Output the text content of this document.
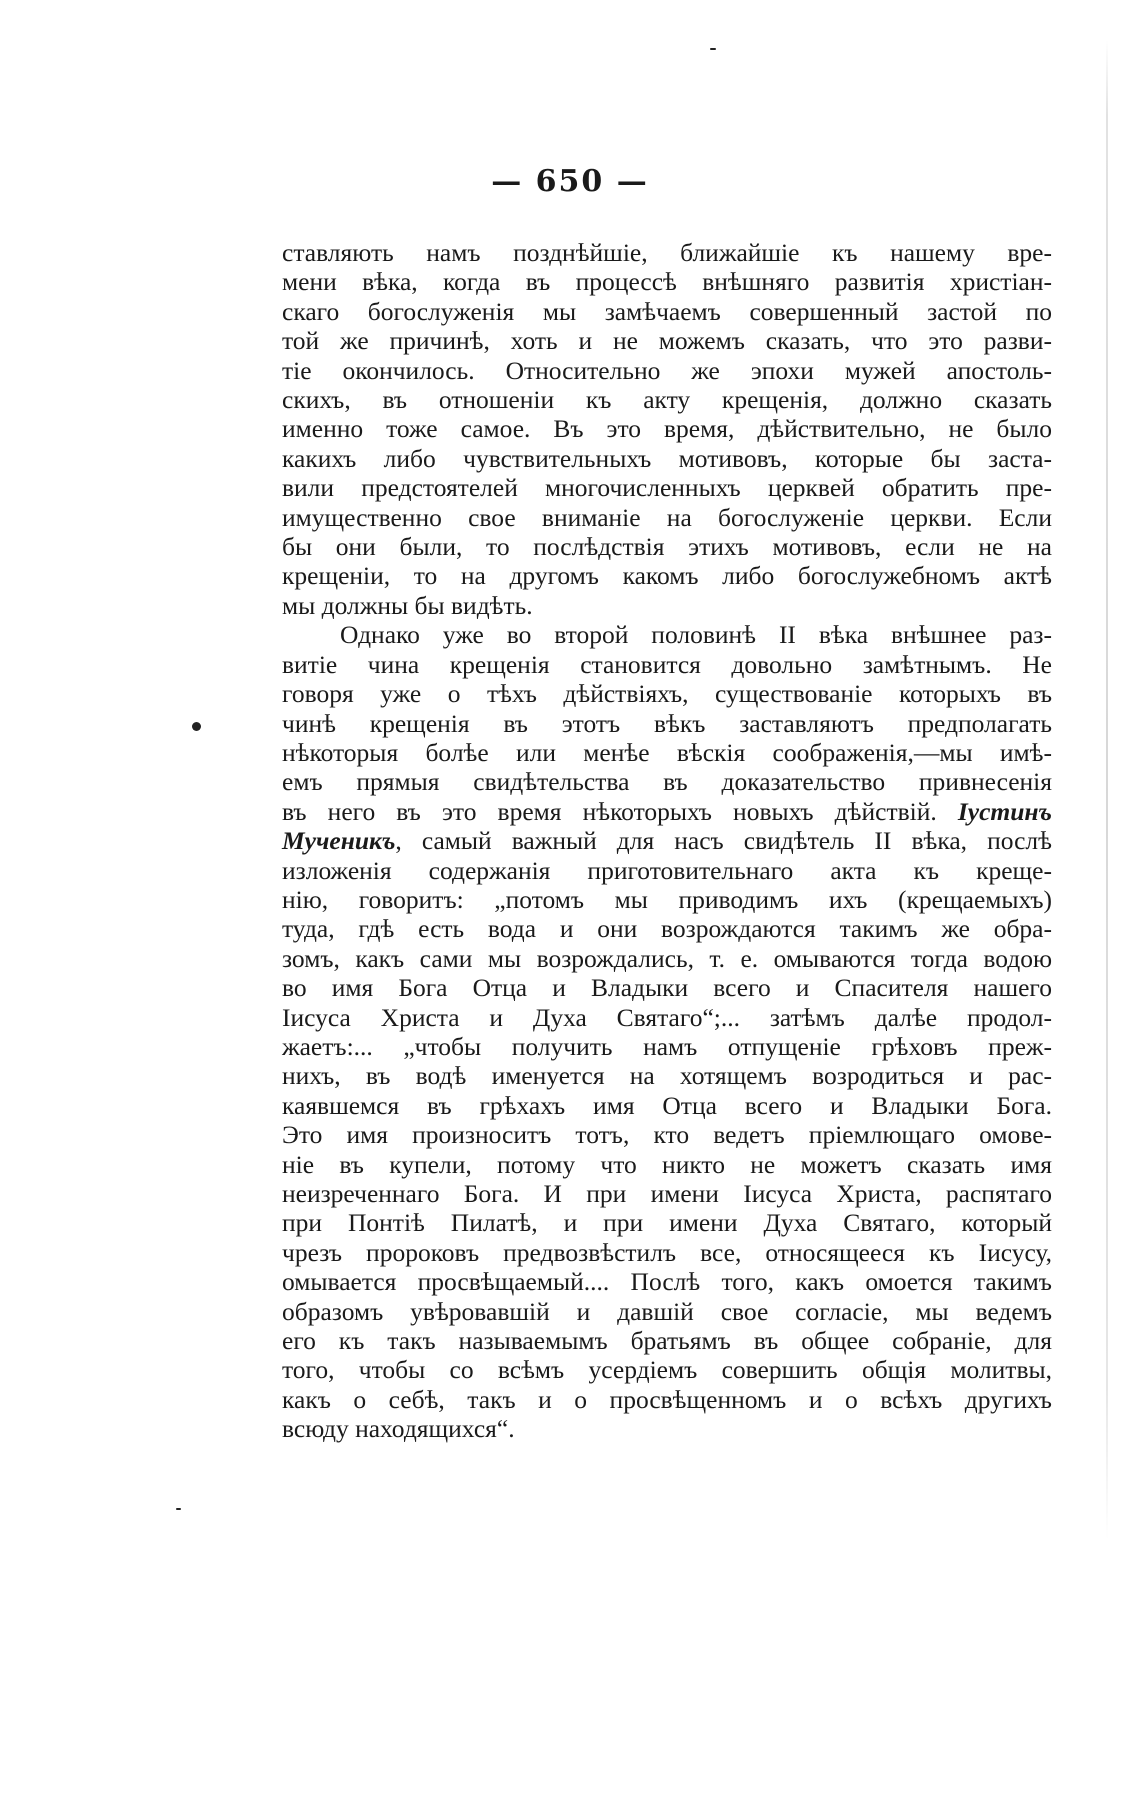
— 650 —
ставляють намъ позднѣйшіе, ближайшіе къ нашему вре-
мени вѣка, когда въ процессѣ внѣшняго развитія христіан-
скаго богослуженія мы замѣчаемъ совершенный застой по
той же причинѣ, хоть и не можемъ сказать, что это разви-
тіе окончилось. Относительно же эпохи мужей апостоль-
скихъ, въ отношеніи къ акту крещенія, должно сказать
именно тоже самое. Въ это время, дѣйствительно, не было
какихъ либо чувствительныхъ мотивовъ, которые бы заста-
вили предстоятелей многочисленныхъ церквей обратить пре-
имущественно свое вниманіе на богослуженіе церкви. Если
бы они были, то послѣдствія этихъ мотивовъ, если не на
крещеніи, то на другомъ какомъ либо богослужебномъ актѣ
мы должны бы видѣть.
Однако уже во второй половинѣ II вѣка внѣшнее раз-
витіе чина крещенія становится довольно замѣтнымъ. Не
говоря уже о тѣхъ дѣйствіяхъ, существованіе которыхъ въ
чинѣ крещенія въ этотъ вѣкъ заставляютъ предполагать
нѣкоторыя болѣе или менѣе вѣскія соображенія,—мы имѣ-
емъ прямыя свидѣтельства въ доказательство привнесенія
въ него въ это время нѣкоторыхъ новыхъ дѣйствій. Іустинъ
Мученикъ, самый важный для насъ свидѣтель II вѣка, послѣ
изложенія содержанія приготовительнаго акта къ креще-
нію, говоритъ: „потомъ мы приводимъ ихъ (крещаемыхъ)
туда, гдѣ есть вода и они возрождаются такимъ же обра-
зомъ, какъ сами мы возрождались, т. е. омываются тогда водою
во имя Бога Отца и Владыки всего и Спасителя нашего
Іисуса Христа и Духа Святаго“;... затѣмъ далѣе продол-
жаетъ:... „чтобы получить намъ отпущеніе грѣховъ преж-
нихъ, въ водѣ именуется на хотящемъ возродиться и рас-
каявшемся въ грѣхахъ имя Отца всего и Владыки Бога.
Это имя произноситъ тотъ, кто ведетъ пріемлющаго омове-
ніе въ купели, потому что никто не можетъ сказать имя
неизреченнаго Бога. И при имени Іисуса Христа, распятаго
при Понтіѣ Пилатѣ, и при имени Духа Святаго, который
чрезъ пророковъ предвозвѣстилъ все, относящееся къ Іисусу,
омывается просвѣщаемый.... Послѣ того, какъ омоется такимъ
образомъ увѣровавшій и давшій свое согласіе, мы ведемъ
его къ такъ называемымъ братьямъ въ общее собраніе, для
того, чтобы со всѣмъ усердіемъ совершить общія молитвы,
какъ о себѣ, такъ и о просвѣщенномъ и о всѣхъ другихъ
всюду находящихся“.
